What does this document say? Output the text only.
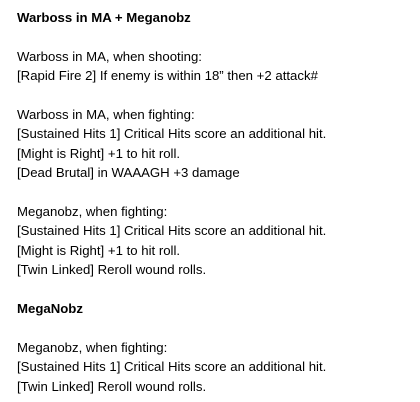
Warboss in MA + Meganobz

Warboss in MA, when shooting:

[Rapid Fire 2] If enemy is within 18” then +2 attack#

Warboss in MA, when fighting:

[Sustained Hits 1] Critical Hits score an additional hit.

[Might is Right] +1 to hit roll.

[Dead Brutal] in WAAAGH +3 damage

Meganobz, when fighting:

[Sustained Hits 1] Critical Hits score an additional hit.

[Might is Right] +1 to hit roll.

[Twin Linked] Reroll wound rolls.

MegaNobz

Meganobz, when fighting:

[Sustained Hits 1] Critical Hits score an additional hit.

[Twin Linked] Reroll wound rolls.
